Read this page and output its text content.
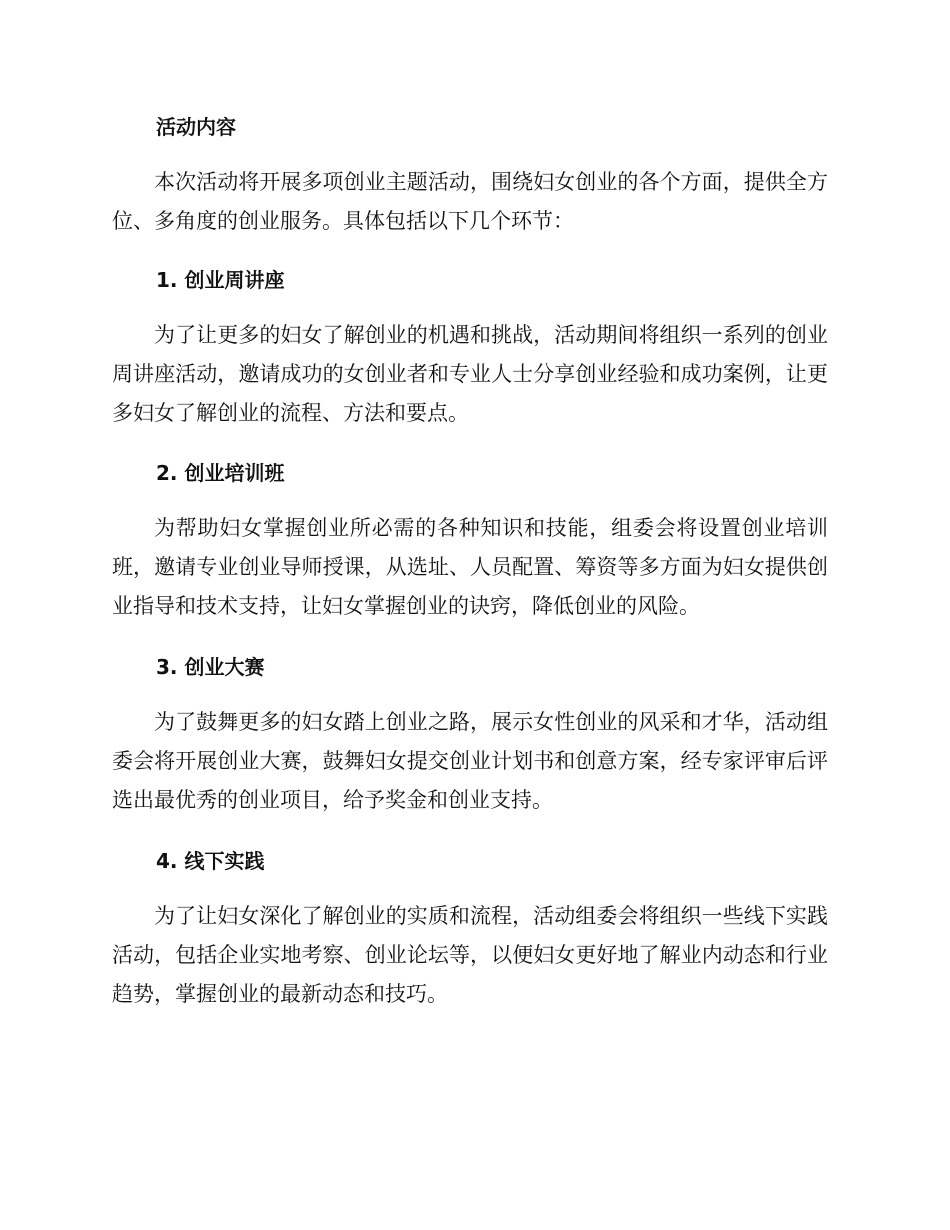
活动内容

本次活动将开展多项创业主题活动，围绕妇女创业的各个方面，提供全方位、多角度的创业服务。具体包括以下几个环节：

1. 创业周讲座

为了让更多的妇女了解创业的机遇和挑战，活动期间将组织一系列的创业周讲座活动，邀请成功的女创业者和专业人士分享创业经验和成功案例，让更多妇女了解创业的流程、方法和要点。

2. 创业培训班

为帮助妇女掌握创业所必需的各种知识和技能，组委会将设置创业培训班，邀请专业创业导师授课，从选址、人员配置、筹资等多方面为妇女提供创业指导和技术支持，让妇女掌握创业的诀窍，降低创业的风险。

3. 创业大赛

为了鼓舞更多的妇女踏上创业之路，展示女性创业的风采和才华，活动组委会将开展创业大赛，鼓舞妇女提交创业计划书和创意方案，经专家评审后评选出最优秀的创业项目，给予奖金和创业支持。

4. 线下实践

为了让妇女深化了解创业的实质和流程，活动组委会将组织一些线下实践活动，包括企业实地考察、创业论坛等，以便妇女更好地了解业内动态和行业趋势，掌握创业的最新动态和技巧。
